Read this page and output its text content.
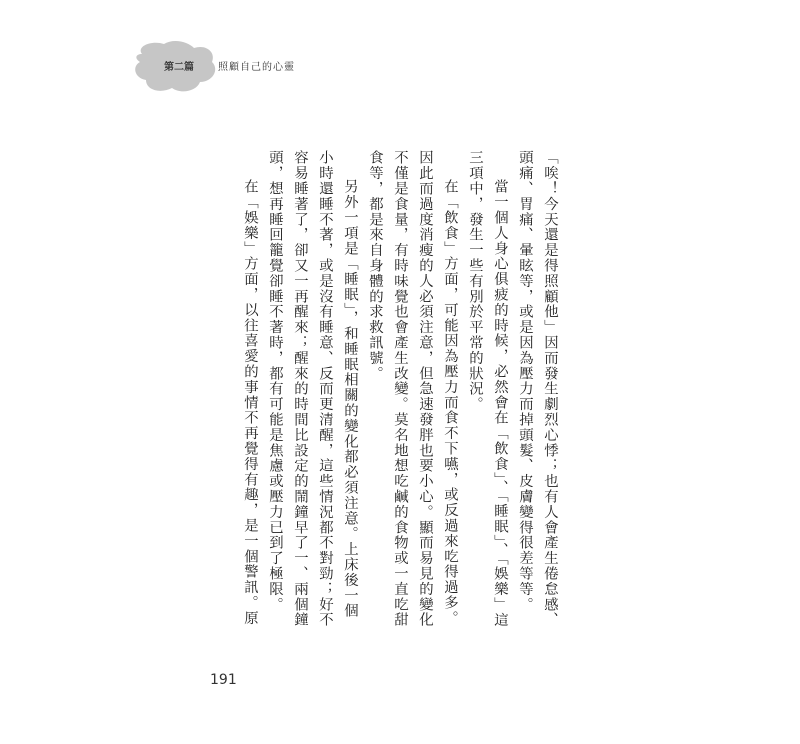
第二篇 照顧自己的心靈

「唉！今天還是得照顧他」因而發生劇烈心悸；也有人會產生倦怠感、頭痛、胃痛、暈眩等，或是因為壓力而掉頭髮、皮膚變得很差等等。

當一個人身心俱疲的時候，必然會在「飲食」、「睡眠」、「娛樂」這三項中，發生一些有別於平常的狀況。

在「飲食」方面，可能因為壓力而食不下嚥，或反過來吃得過多。因此而過度消瘦的人必須注意，但急速發胖也要小心。顯而易見的變化不僅是食量，有時味覺也會產生改變。莫名地想吃鹹的食物或一直吃甜食等，都是來自身體的求救訊號。

另外一項是「睡眠」，和睡眠相關的變化都必須注意。上床後一個小時還睡不著，或是沒有睡意、反而更清醒，這些情況都不對勁；好不容易睡著了，卻又一再醒來；醒來的時間比設定的鬧鐘早了一、兩個鐘頭，想再睡回籠覺卻睡不著時，都有可能是焦慮或壓力已到了極限。

在「娛樂」方面，以往喜愛的事情不再覺得有趣，是一個警訊。原

191
